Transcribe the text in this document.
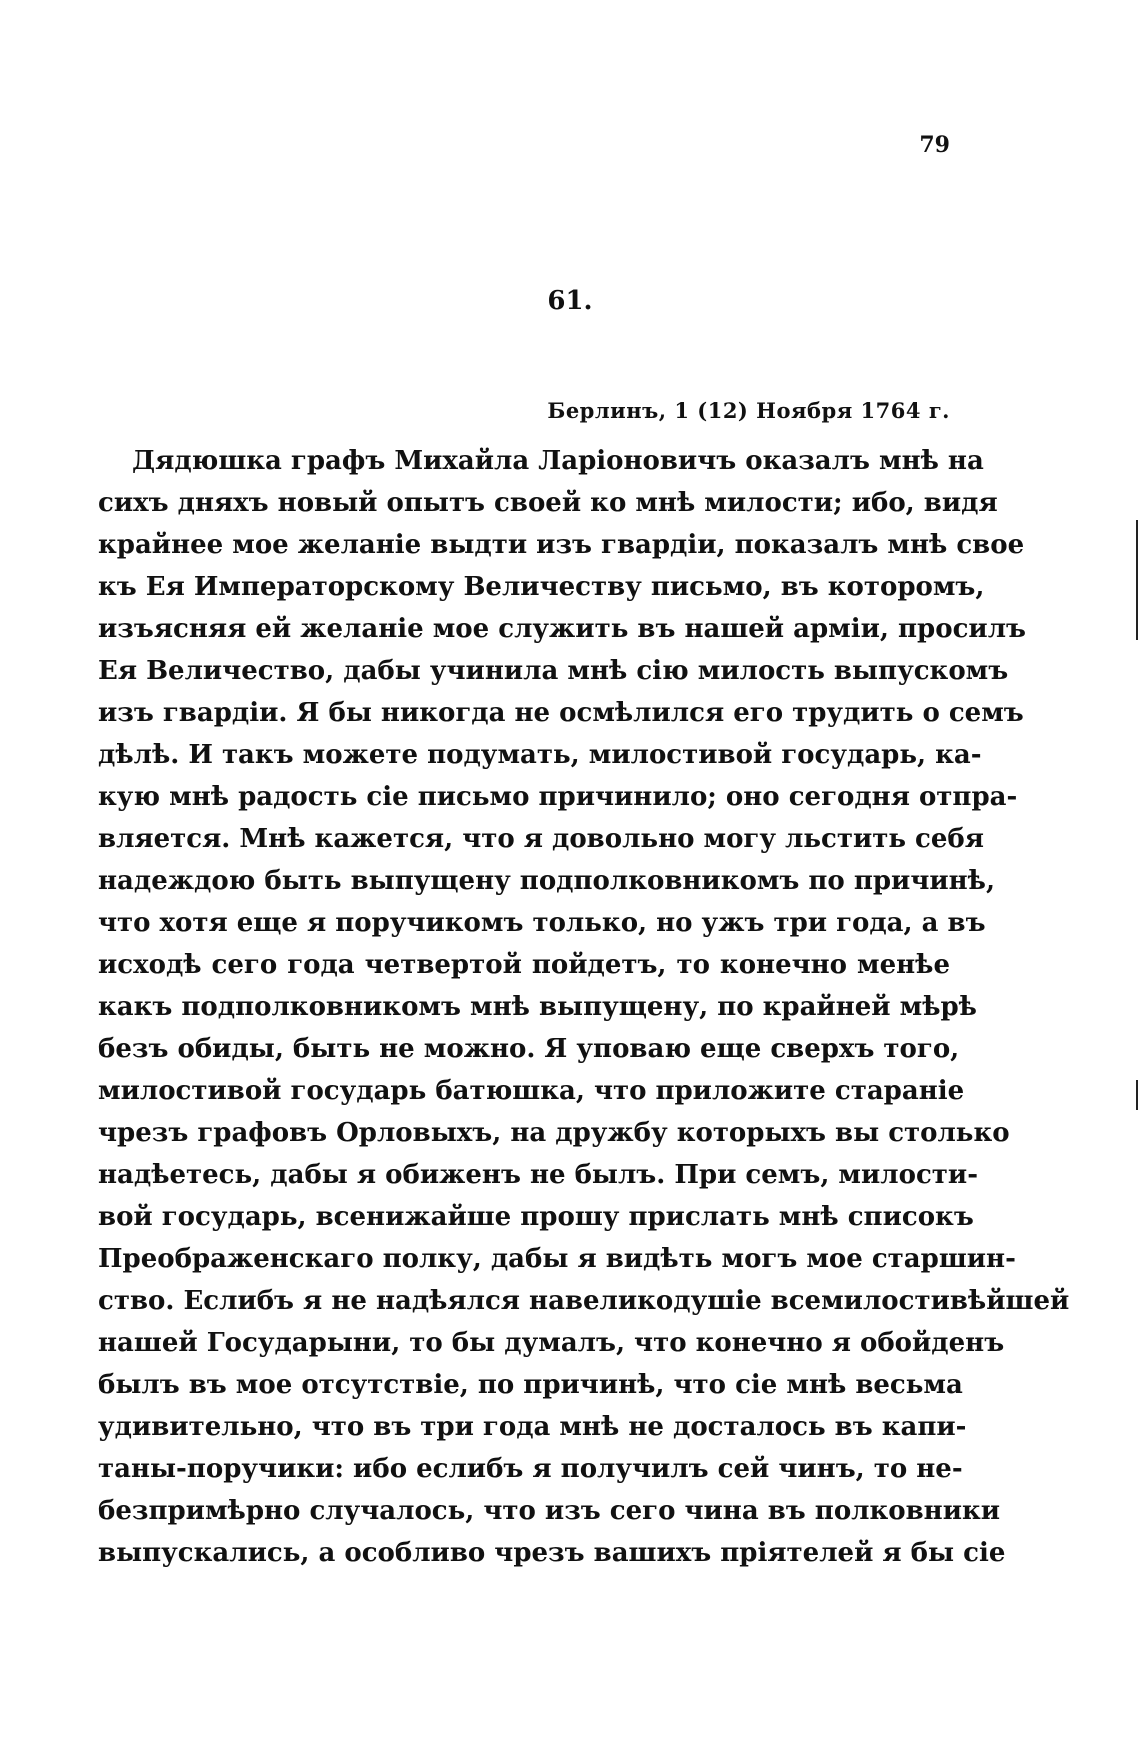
79
61.
Берлинъ, 1 (12) Ноября 1764 г.
Дядюшка графъ Михайла Ларіоновичъ оказалъ мнѣ на
сихъ дняхъ новый опытъ своей ко мнѣ милости; ибо, видя
крайнее мое желаніе выдти изъ гвардіи, показалъ мнѣ свое
къ Ея Императорскому Величеству письмо, въ которомъ,
изъясняя ей желаніе мое служить въ нашей арміи, просилъ
Ея Величество, дабы учинила мнѣ сію милость выпускомъ
изъ гвардіи. Я бы никогда не осмѣлился его трудить о семъ
дѣлѣ. И такъ можете подумать, милостивой государь, ка-
кую мнѣ радость сіе письмо причинило; оно сегодня отпра-
вляется. Мнѣ кажется, что я довольно могу льстить себя
надеждою быть выпущену подполковникомъ по причинѣ,
что хотя еще я поручикомъ только, но ужъ три года, а въ
исходѣ сего года четвертой пойдетъ, то конечно менѣе
какъ подполковникомъ мнѣ выпущену, по крайней мѣрѣ
безъ обиды, быть не можно. Я уповаю еще сверхъ того,
милостивой государь батюшка, что приложите стараніе
чрезъ графовъ Орловыхъ, на дружбу которыхъ вы столько
надѣетесь, дабы я обиженъ не былъ. При семъ, милости-
вой государь, всенижайше прошу прислать мнѣ списокъ
Преображенскаго полку, дабы я видѣть могъ мое старшин-
ство. Еслибъ я не надѣялся навеликодушіе всемилостивѣйшей
нашей Государыни, то бы думалъ, что конечно я обойденъ
былъ въ мое отсутствіе, по причинѣ, что сіе мнѣ весьма
удивительно, что въ три года мнѣ не досталось въ капи-
таны-поручики: ибо еслибъ я получилъ сей чинъ, то не-
безпримѣрно случалось, что изъ сего чина въ полковники
выпускались, а особливо чрезъ вашихъ пріятелей я бы сіе
